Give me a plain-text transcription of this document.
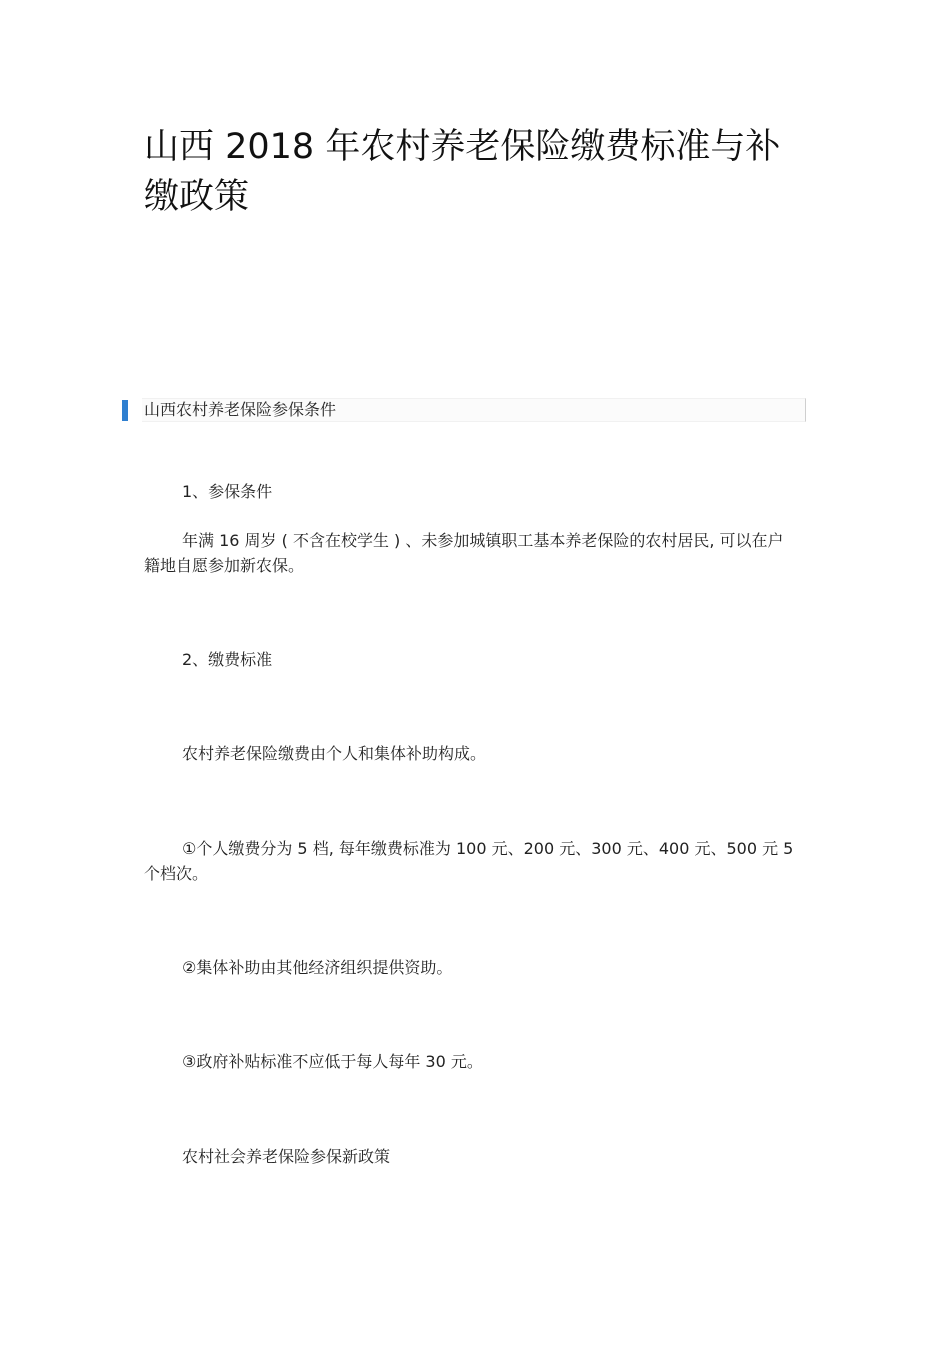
山西 2018 年农村养老保险缴费标准与补缴政策
山西农村养老保险参保条件

1、参保条件

年满 16 周岁 ( 不含在校学生 ) 、未参加城镇职工基本养老保险的农村居民, 可以在户籍地自愿参加新农保。

2、缴费标准

农村养老保险缴费由个人和集体补助构成。

①个人缴费分为 5 档, 每年缴费标准为 100 元、200 元、300 元、400 元、500 元 5 个档次。

②集体补助由其他经济组织提供资助。

③政府补贴标准不应低于每人每年 30 元。

农村社会养老保险参保新政策
